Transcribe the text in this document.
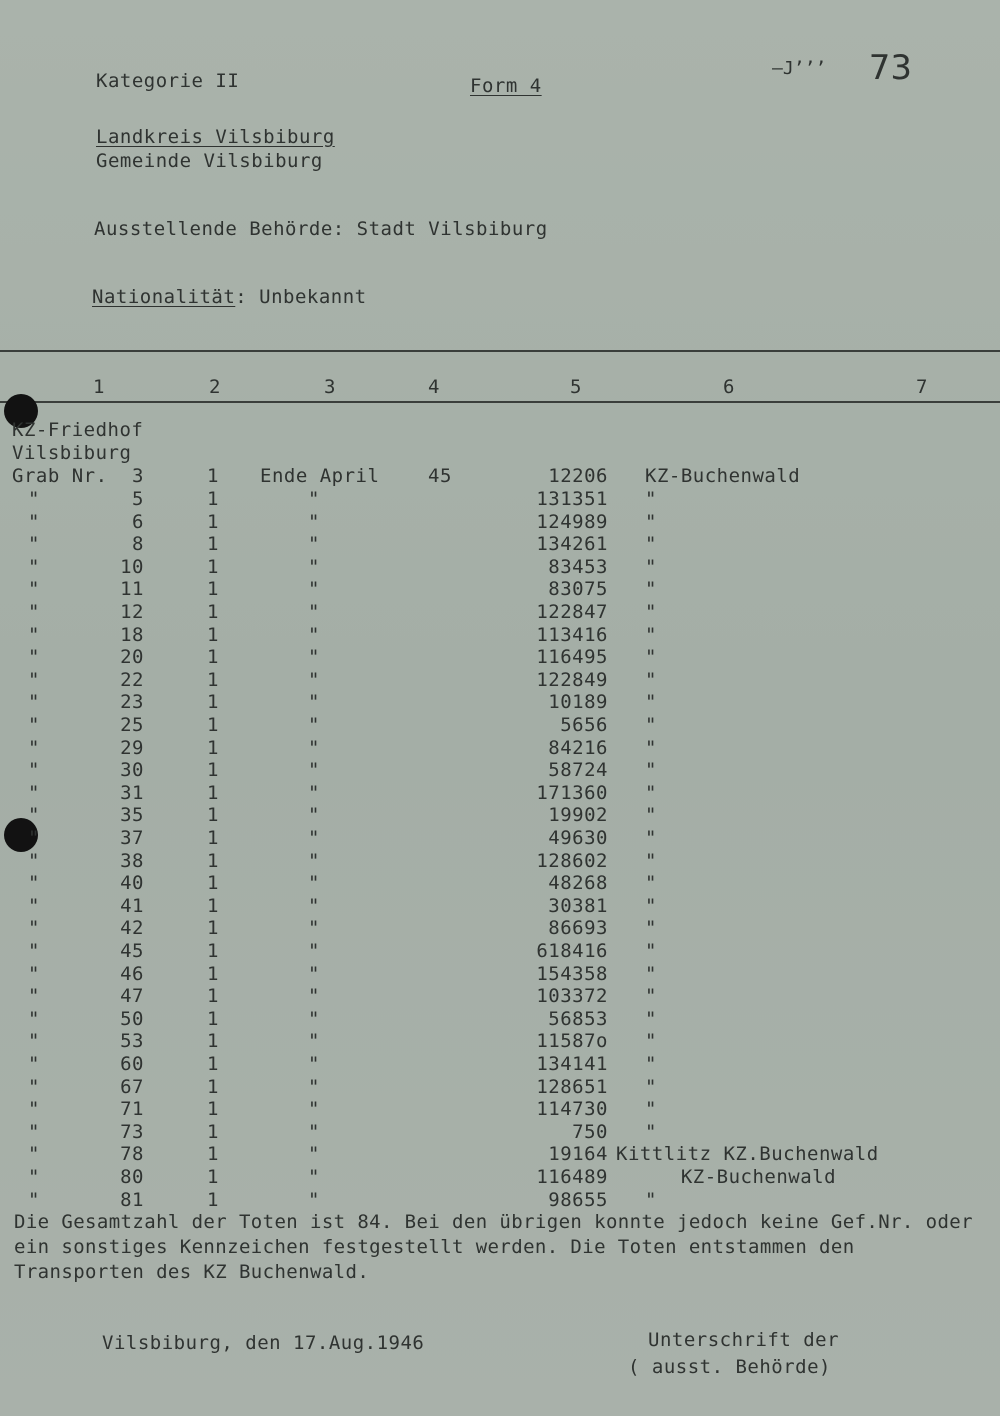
Kategorie II	Form 4
—J’’’ 73
Landkreis Vilsbiburg
Gemeinde Vilsbiburg
Ausstellende Behörde: Stadt Vilsbiburg
Nationalität: Unbekannt
1	2	3	4	5	6	7
KZ-Friedhof
Vilsbiburg
Grab Nr. 3	1 Ende April	45	12206 KZ-Buchenwald
"	5	1	"	131351 "
"	6	1	"	124989 "
"	8	1	"	134261 "
"	10	1	"	83453 "
"	11	1	"	83075 "
"	12	1	"	122847 "
"	18	1	"	113416 "
"	20	1	"	116495 "
"	22	1	"	122849 "
"	23	1	"	10189 "
"	25	1	"	5656 "
"	29	1	"	84216 "
"	30	1	"	58724 "
"	31	1	"	171360 "
"	35	1	"	19902 "
"	37	1	"	49630 "
"	38	1	"	128602 "
"	40	1	"	48268 "
"	41	1	"	30381 "
"	42	1	"	86693 "
"	45	1	"	618416 "
"	46	1	"	154358 "
"	47	1	"	103372 "
"	50	1	"	56853 "
"	53	1	"	11587o "
"	60	1	"	134141 "
"	67	1	"	128651 "
"	71	1	"	114730 "
"	73	1	"	750 "
"	78	1	"	19164 Kittlitz KZ.Buchenwald
"	80	1	"	116489 KZ-Buchenwald
"	81	1	"	98655 "
Die Gesamtzahl der Toten ist 84. Bei den übrigen konnte jedoch keine Gef.Nr. oder ein sonstiges Kennzeichen festgestellt werden. Die Toten entstammen den Transporten des KZ Buchenwald.
Vilsbiburg, den 17.Aug.1946	Unterschrift der
( ausst. Behörde)
